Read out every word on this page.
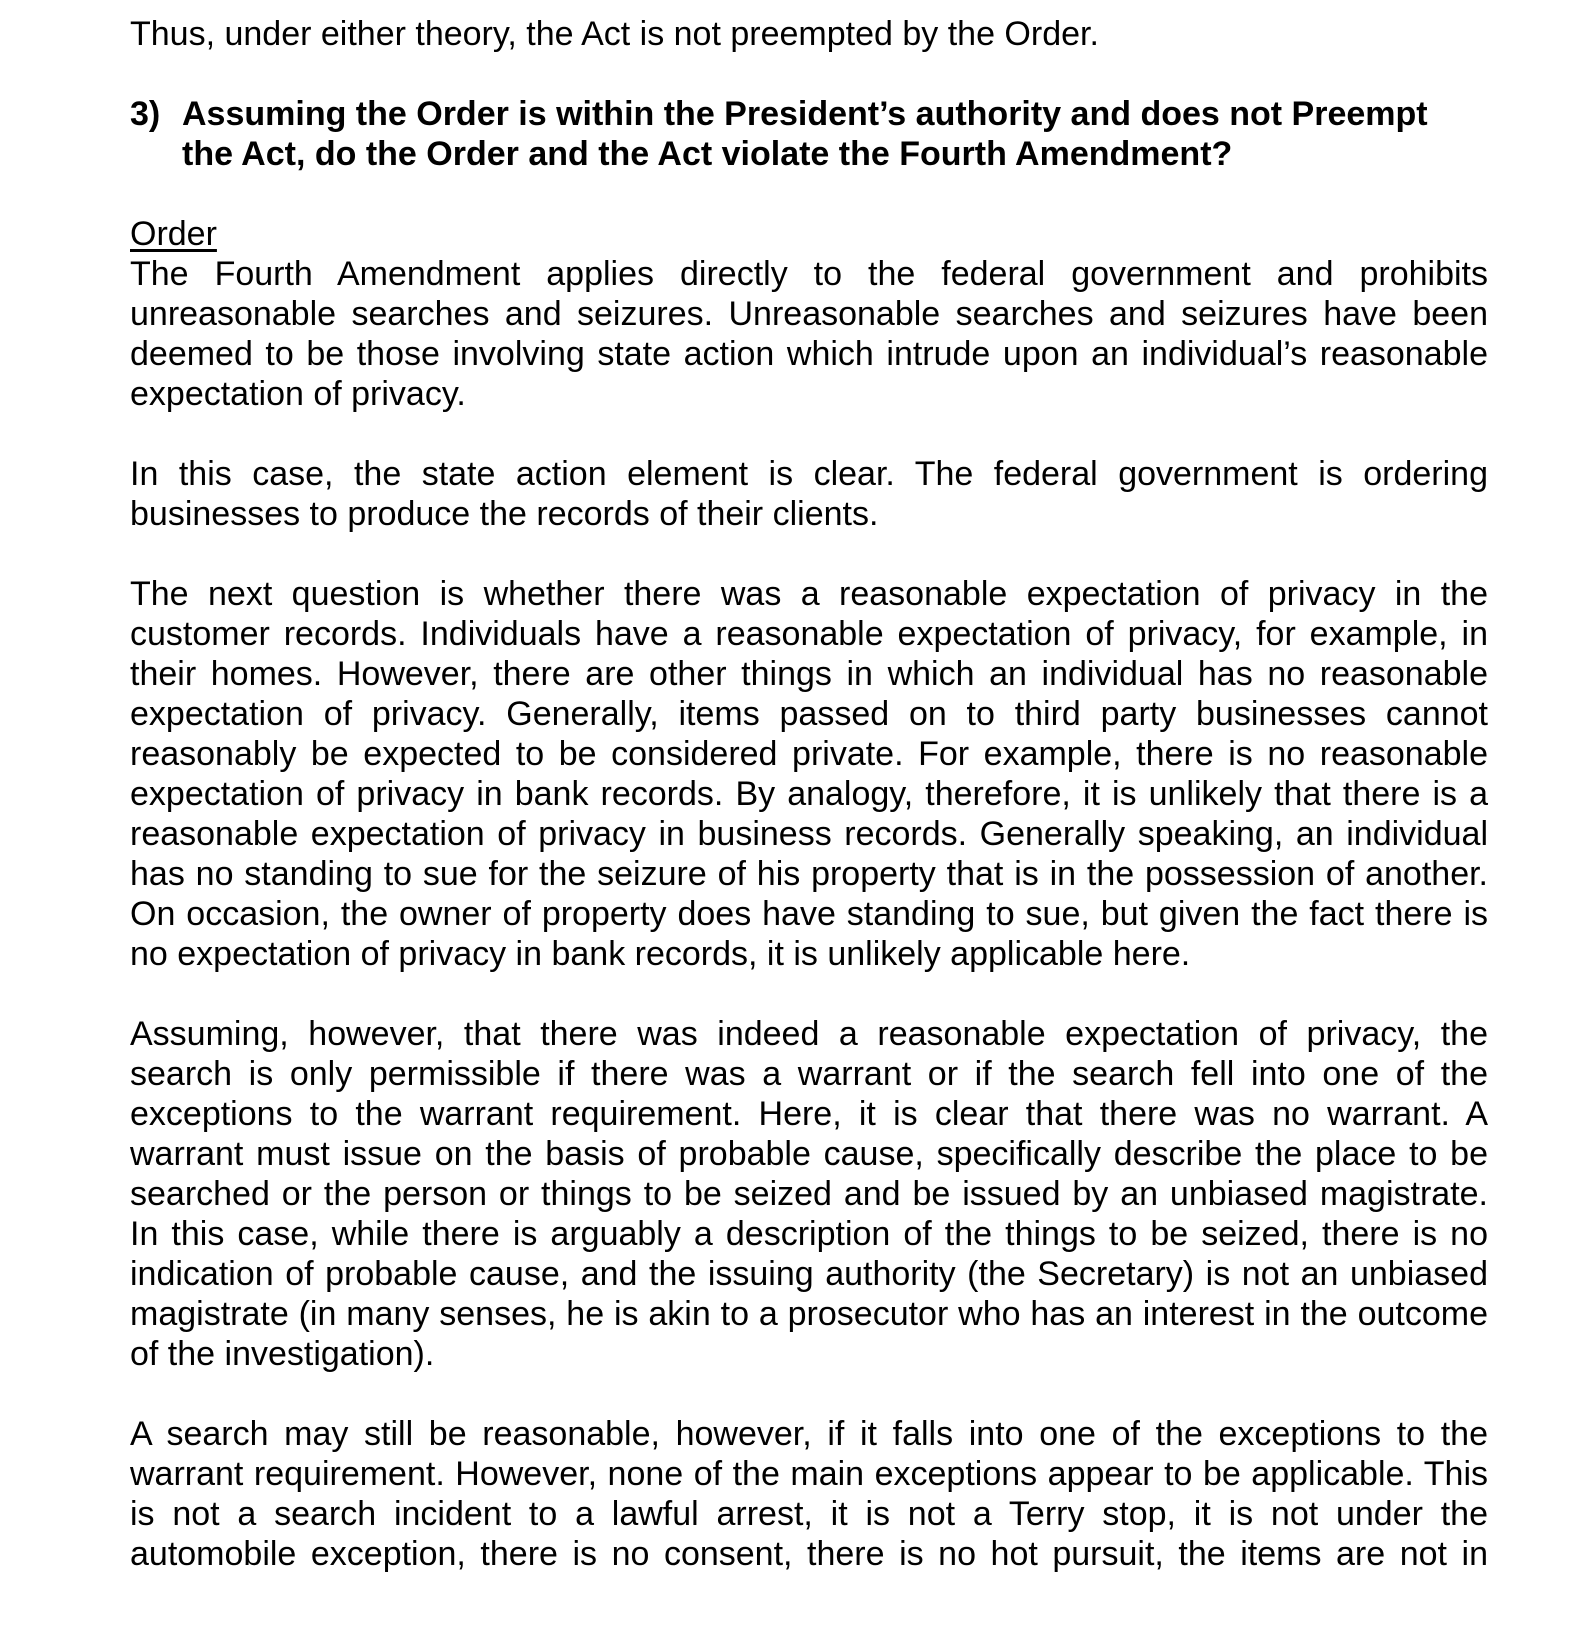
Thus, under either theory, the Act is not preempted by the Order.

3) Assuming the Order is within the President’s authority and does not Preempt the Act, do the Order and the Act violate the Fourth Amendment?
Order

The Fourth Amendment applies directly to the federal government and prohibits unreasonable searches and seizures. Unreasonable searches and seizures have been deemed to be those involving state action which intrude upon an individual’s reasonable expectation of privacy.

In this case, the state action element is clear. The federal government is ordering businesses to produce the records of their clients.

The next question is whether there was a reasonable expectation of privacy in the customer records. Individuals have a reasonable expectation of privacy, for example, in their homes. However, there are other things in which an individual has no reasonable expectation of privacy. Generally, items passed on to third party businesses cannot reasonably be expected to be considered private. For example, there is no reasonable expectation of privacy in bank records. By analogy, therefore, it is unlikely that there is a reasonable expectation of privacy in business records. Generally speaking, an individual has no standing to sue for the seizure of his property that is in the possession of another. On occasion, the owner of property does have standing to sue, but given the fact there is no expectation of privacy in bank records, it is unlikely applicable here.

Assuming, however, that there was indeed a reasonable expectation of privacy, the search is only permissible if there was a warrant or if the search fell into one of the exceptions to the warrant requirement. Here, it is clear that there was no warrant. A warrant must issue on the basis of probable cause, specifically describe the place to be searched or the person or things to be seized and be issued by an unbiased magistrate. In this case, while there is arguably a description of the things to be seized, there is no indication of probable cause, and the issuing authority (the Secretary) is not an unbiased magistrate (in many senses, he is akin to a prosecutor who has an interest in the outcome of the investigation).

A search may still be reasonable, however, if it falls into one of the exceptions to the warrant requirement. However, none of the main exceptions appear to be applicable. This is not a search incident to a lawful arrest, it is not a Terry stop, it is not under the automobile exception, there is no consent, there is no hot pursuit, the items are not in
